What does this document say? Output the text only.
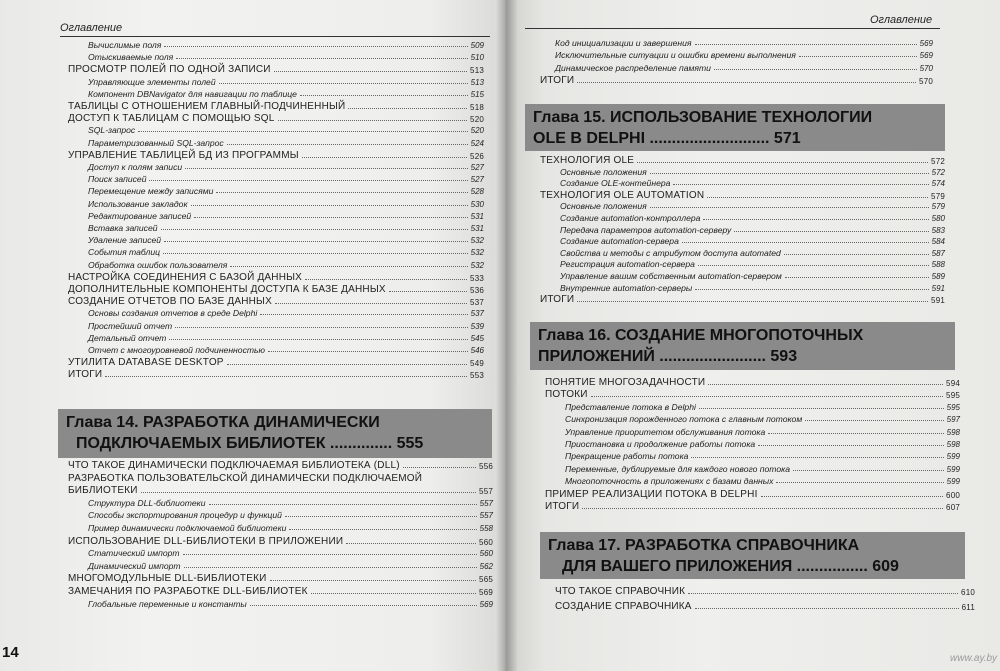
Оглавление
Вычислимые поля	509
Отыскиваемые поля	510
ПРОСМОТР ПОЛЕЙ ПО ОДНОЙ ЗАПИСИ	513
Управляющие элементы полей	513
Компонент DBNavigator для навигации по таблице	515
ТАБЛИЦЫ С ОТНОШЕНИЕМ ГЛАВНЫЙ-ПОДЧИНЕННЫЙ	518
ДОСТУП К ТАБЛИЦАМ С ПОМОЩЬЮ SQL	520
SQL-запрос	520
Параметризованный SQL-запрос	524
УПРАВЛЕНИЕ ТАБЛИЦЕЙ БД ИЗ ПРОГРАММЫ	526
Доступ к полям записи	527
Поиск записей	527
Перемещение между записями	528
Использование закладок	530
Редактирование записей	531
Вставка записей	531
Удаление записей	532
События таблиц	532
Обработка ошибок пользователя	532
НАСТРОЙКА СОЕДИНЕНИЯ С БАЗОЙ ДАННЫХ	533
ДОПОЛНИТЕЛЬНЫЕ КОМПОНЕНТЫ ДОСТУПА К БАЗЕ ДАННЫХ	536
СОЗДАНИЕ ОТЧЕТОВ ПО БАЗЕ ДАННЫХ	537
Основы создания отчетов в среде Delphi	537
Простейший отчет	539
Детальный отчет	545
Отчет с многоуровневой подчиненностью	546
УТИЛИТА DATABASE DESKTOP	549
ИТОГИ	553
Глава 14. РАЗРАБОТКА ДИНАМИЧЕСКИ
ПОДКЛЮЧАЕМЫХ БИБЛИОТЕК .............. 555
ЧТО ТАКОЕ ДИНАМИЧЕСКИ ПОДКЛЮЧАЕМАЯ БИБЛИОТЕКА (DLL)	556
РАЗРАБОТКА ПОЛЬЗОВАТЕЛЬСКОЙ ДИНАМИЧЕСКИ ПОДКЛЮЧАЕМОЙ
БИБЛИОТЕКИ	557
Структура DLL-библиотеки	557
Способы экспортирования процедур и функций	557
Пример динамически подключаемой библиотеки	558
ИСПОЛЬЗОВАНИЕ DLL-БИБЛИОТЕКИ В ПРИЛОЖЕНИИ	560
Статический импорт	560
Динамический импорт	562
МНОГОМОДУЛЬНЫЕ DLL-БИБЛИОТЕКИ	565
ЗАМЕЧАНИЯ ПО РАЗРАБОТКЕ DLL-БИБЛИОТЕК	569
Глобальные переменные и константы	569
14
Оглавление
Код инициализации и завершения	569
Исключительные ситуации и ошибки времени выполнения	569
Динамическое распределение памяти	570
ИТОГИ	570
Глава 15. ИСПОЛЬЗОВАНИЕ ТЕХНОЛОГИИ
OLE В DELPHI ........................... 571
ТЕХНОЛОГИЯ OLE	572
Основные положения	572
Создание OLE-контейнера	574
ТЕХНОЛОГИЯ OLE AUTOMATION	579
Основные положения	579
Создание automation-контроллера	580
Передача параметров automation-серверу	583
Создание automation-сервера	584
Свойства и методы с атрибутом доступа automated	587
Регистрация automation-сервера	588
Управление вашим собственным automation-сервером	589
Внутренние automation-серверы	591
ИТОГИ	591
Глава 16. СОЗДАНИЕ МНОГОПОТОЧНЫХ
ПРИЛОЖЕНИЙ ........................ 593
ПОНЯТИЕ МНОГОЗАДАЧНОСТИ	594
ПОТОКИ	595
Представление потока в Delphi	595
Синхронизация порожденного потока с главным потоком	597
Управление приоритетом обслуживания потока	598
Приостановка и продолжение работы потока	598
Прекращение работы потока	599
Переменные, дублируемые для каждого нового потока	599
Многопоточность в приложениях с базами данных	599
ПРИМЕР РЕАЛИЗАЦИИ ПОТОКА В DELPHI	600
ИТОГИ	607
Глава 17. РАЗРАБОТКА СПРАВОЧНИКА
ДЛЯ ВАШЕГО ПРИЛОЖЕНИЯ ................ 609
ЧТО ТАКОЕ СПРАВОЧНИК	610
СОЗДАНИЕ СПРАВОЧНИКА	611
www.ay.by
